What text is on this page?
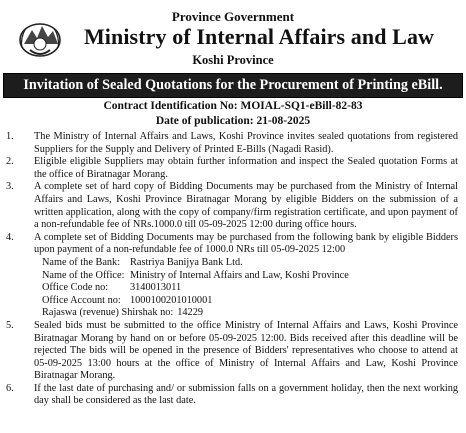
Province Government
Ministry of Internal Affairs and Law
Koshi Province
Invitation of Sealed Quotations for the Procurement of Printing eBill.
Contract Identification No: MOIAL-SQ1-eBill-82-83
Date of publication: 21-08-2025
1. The Ministry of Internal Affairs and Laws, Koshi Province invites sealed quotations from registered Suppliers for the Supply and Delivery of Printed E-Bills (Nagadi Rasid).
2. Eligible eligible Suppliers may obtain further information and inspect the Sealed quotation Forms at the office of Biratnagar Morang.
3. A complete set of hard copy of Bidding Documents may be purchased from the Ministry of Internal Affairs and Laws, Koshi Province Biratnagar Morang by eligible Bidders on the submission of a written application, along with the copy of company/firm registration certificate, and upon payment of a non-refundable fee of NRs.1000.0 till 05-09-2025 12:00 during office hours.
4. A complete set of Bidding Documents may be purchased from the following bank by eligible Bidders upon payment of a non-refundable fee of 1000.0 NRs till 05-09-2025 12:00
Name of the Bank: Rastriya Banijya Bank Ltd.
Name of the Office: Ministry of Internal Affairs and Law, Koshi Province
Office Code no:	3140013011
Office Account no: 1000100201010001
Rajaswa (revenue) Shirshak no: 14229
5. Sealed bids must be submitted to the office Ministry of Internal Affairs and Laws, Koshi Province Biratnagar Morang by hand on or before 05-09-2025 12:00. Bids received after this deadline will be rejected The bids will be opened in the presence of Bidders' representatives who choose to attend at 05-09-2025 13:00 hours at the office of Ministry of Internal Affairs and Law, Koshi Province Biratnagar Morang.
6. If the last date of purchasing and/ or submission falls on a government holiday, then the next working day shall be considered as the last date.
